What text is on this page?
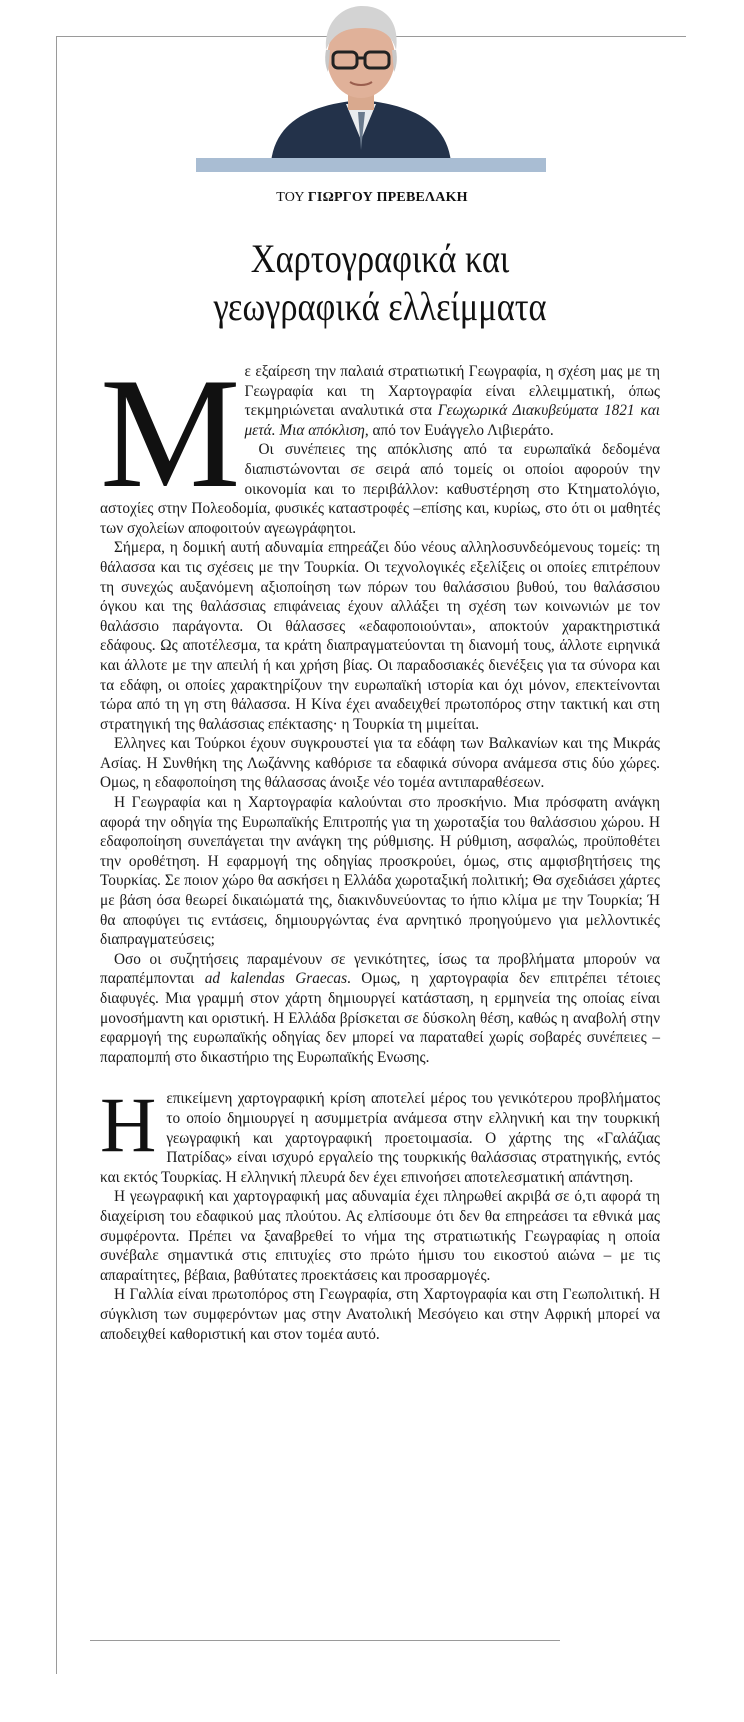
ΤΟΥ ΓΙΩΡΓΟΥ ΠΡΕΒΕΛΑΚΗ
Χαρτογραφικά και
γεωγραφικά ελλείμματα

Με εξαίρεση την παλαιά στρατιωτική Γεωγραφία, η σχέση μας με τη Γεωγραφία και τη Χαρτογραφία είναι ελλειμματική, όπως τεκμηριώνεται αναλυτικά στα Γεωχωρικά Διακυβεύματα 1821 και μετά. Μια απόκλιση, από τον Ευάγγελο Λιβιεράτο.

Οι συνέπειες της απόκλισης από τα ευρωπαϊκά δεδομένα διαπιστώνονται σε σειρά από τομείς οι οποίοι αφορούν την οικονομία και το περιβάλλον: καθυστέρηση στο Κτηματολόγιο, αστοχίες στην Πολεοδομία, φυσικές καταστροφές –επίσης και, κυρίως, στο ότι οι μαθητές των σχολείων αποφοιτούν αγεωγράφητοι.

Σήμερα, η δομική αυτή αδυναμία επηρεάζει δύο νέους αλληλοσυνδεόμενους τομείς: τη θάλασσα και τις σχέσεις με την Τουρκία. Οι τεχνολογικές εξελίξεις οι οποίες επιτρέπουν τη συνεχώς αυξανόμενη αξιοποίηση των πόρων του θαλάσσιου βυθού, του θαλάσσιου όγκου και της θαλάσσιας επιφάνειας έχουν αλλάξει τη σχέση των κοινωνιών με τον θαλάσσιο παράγοντα. Οι θάλασσες «εδαφοποιούνται», αποκτούν χαρακτηριστικά εδάφους. Ως αποτέλεσμα, τα κράτη διαπραγματεύονται τη διανομή τους, άλλοτε ειρηνικά και άλλοτε με την απειλή ή και χρήση βίας. Οι παραδοσιακές διενέξεις για τα σύνορα και τα εδάφη, οι οποίες χαρακτηρίζουν την ευρωπαϊκή ιστορία και όχι μόνον, επεκτείνονται τώρα από τη γη στη θάλασσα. Η Κίνα έχει αναδειχθεί πρωτοπόρος στην τακτική και στη στρατηγική της θαλάσσιας επέκτασης· η Τουρκία τη μιμείται.

Ελληνες και Τούρκοι έχουν συγκρουστεί για τα εδάφη των Βαλκανίων και της Μικράς Ασίας. Η Συνθήκη της Λωζάννης καθόρισε τα εδαφικά σύνορα ανάμεσα στις δύο χώρες. Ομως, η εδαφοποίηση της θάλασσας άνοιξε νέο τομέα αντιπαραθέσεων.

Η Γεωγραφία και η Χαρτογραφία καλούνται στο προσκήνιο. Μια πρόσφατη ανάγκη αφορά την οδηγία της Ευρωπαϊκής Επιτροπής για τη χωροταξία του θαλάσσιου χώρου. Η εδαφοποίηση συνεπάγεται την ανάγκη της ρύθμισης. Η ρύθμιση, ασφαλώς, προϋποθέτει την οροθέτηση. Η εφαρμογή της οδηγίας προσκρούει, όμως, στις αμφισβητήσεις της Τουρκίας. Σε ποιον χώρο θα ασκήσει η Ελλάδα χωροταξική πολιτική; Θα σχεδιάσει χάρτες με βάση όσα θεωρεί δικαιώματά της, διακινδυνεύοντας το ήπιο κλίμα με την Τουρκία; Ή θα αποφύγει τις εντάσεις, δημιουργώντας ένα αρνητικό προηγούμενο για μελλοντικές διαπραγματεύσεις;

Οσο οι συζητήσεις παραμένουν σε γενικότητες, ίσως τα προβλήματα μπορούν να παραπέμπονται ad kalendas Graecas. Ομως, η χαρτογραφία δεν επιτρέπει τέτοιες διαφυγές. Μια γραμμή στον χάρτη δημιουργεί κατάσταση, η ερμηνεία της οποίας είναι μονοσήμαντη και οριστική. Η Ελλάδα βρίσκεται σε δύσκολη θέση, καθώς η αναβολή στην εφαρμογή της ευρωπαϊκής οδηγίας δεν μπορεί να παραταθεί χωρίς σοβαρές συνέπειες – παραπομπή στο δικαστήριο της Ευρωπαϊκής Ενωσης.

Ηεπικείμενη χαρτογραφική κρίση αποτελεί μέρος του γενικότερου προβλήματος το οποίο δημιουργεί η ασυμμετρία ανάμεσα στην ελληνική και την τουρκική γεωγραφική και χαρτογραφική προετοιμασία. Ο χάρτης της «Γαλάζιας Πατρίδας» είναι ισχυρό εργαλείο της τουρκικής θαλάσσιας στρατηγικής, εντός και εκτός Τουρκίας. Η ελληνική πλευρά δεν έχει επινοήσει αποτελεσματική απάντηση.

Η γεωγραφική και χαρτογραφική μας αδυναμία έχει πληρωθεί ακριβά σε ό,τι αφορά τη διαχείριση του εδαφικού μας πλούτου. Ας ελπίσουμε ότι δεν θα επηρεάσει τα εθνικά μας συμφέροντα. Πρέπει να ξαναβρεθεί το νήμα της στρατιωτικής Γεωγραφίας η οποία συνέβαλε σημαντικά στις επιτυχίες στο πρώτο ήμισυ του εικοστού αιώνα – με τις απαραίτητες, βέβαια, βαθύτατες προεκτάσεις και προσαρμογές.

Η Γαλλία είναι πρωτοπόρος στη Γεωγραφία, στη Χαρτογραφία και στη Γεωπολιτική. Η σύγκλιση των συμφερόντων μας στην Ανατολική Μεσόγειο και στην Αφρική μπορεί να αποδειχθεί καθοριστική και στον τομέα αυτό.
